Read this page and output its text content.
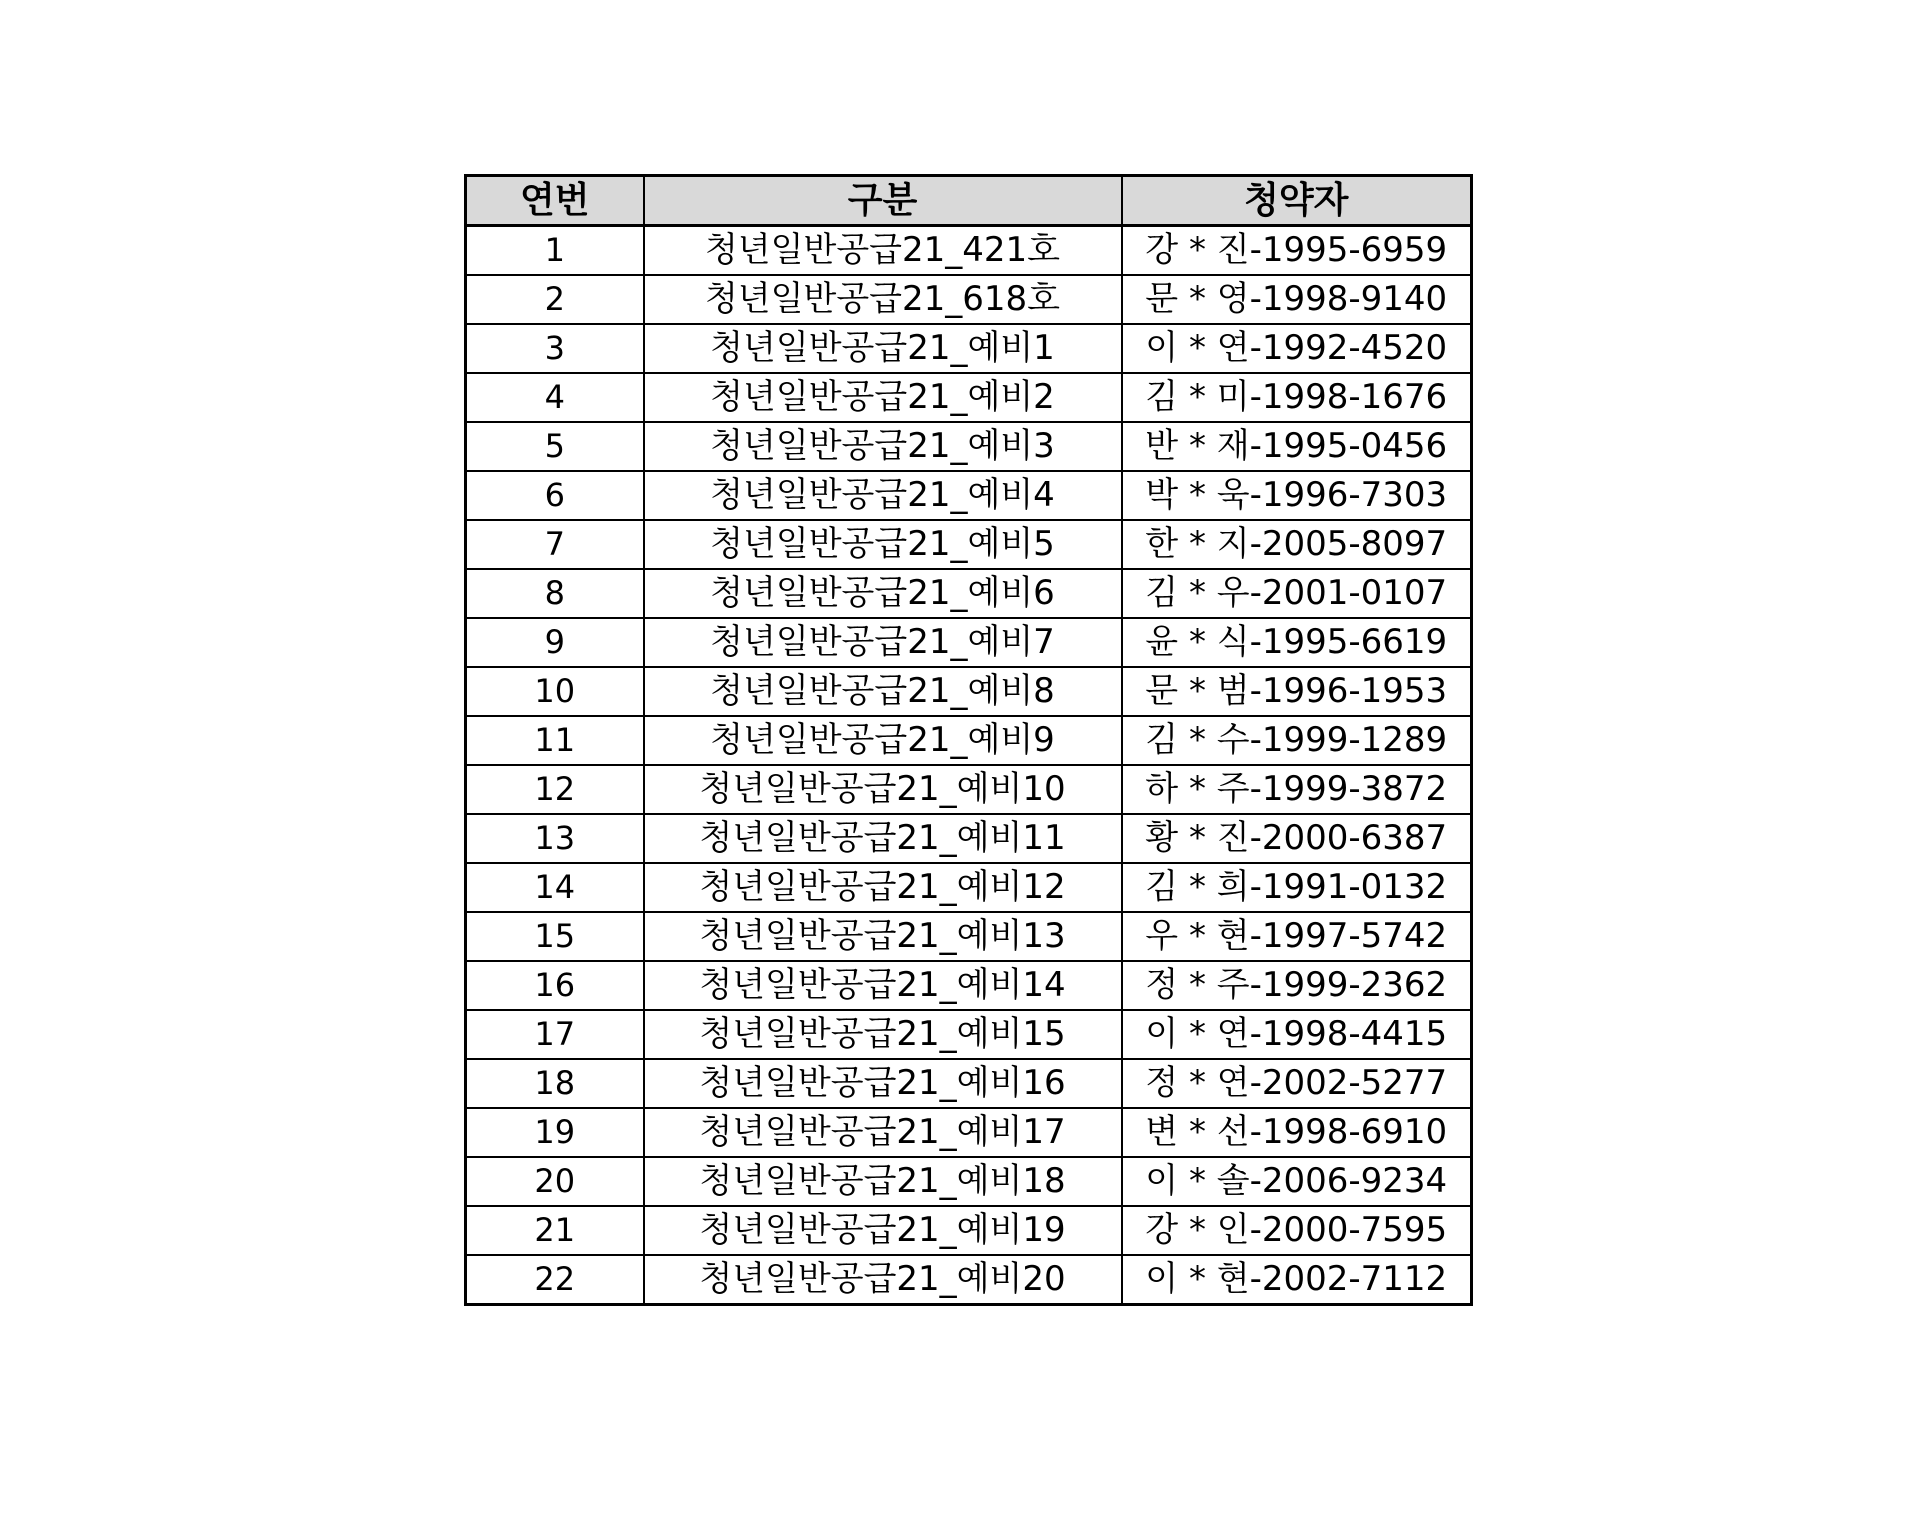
연번	구분	청약자
1	청년일반공급21_421호	강 * 진-1995-6959
2	청년일반공급21_618호	문 * 영-1998-9140
3	청년일반공급21_예비1	이 * 연-1992-4520
4	청년일반공급21_예비2	김 * 미-1998-1676
5	청년일반공급21_예비3	반 * 재-1995-0456
6	청년일반공급21_예비4	박 * 욱-1996-7303
7	청년일반공급21_예비5	한 * 지-2005-8097
8	청년일반공급21_예비6	김 * 우-2001-0107
9	청년일반공급21_예비7	윤 * 식-1995-6619
10	청년일반공급21_예비8	문 * 범-1996-1953
11	청년일반공급21_예비9	김 * 수-1999-1289
12	청년일반공급21_예비10	하 * 주-1999-3872
13	청년일반공급21_예비11	황 * 진-2000-6387
14	청년일반공급21_예비12	김 * 희-1991-0132
15	청년일반공급21_예비13	우 * 현-1997-5742
16	청년일반공급21_예비14	정 * 주-1999-2362
17	청년일반공급21_예비15	이 * 연-1998-4415
18	청년일반공급21_예비16	정 * 연-2002-5277
19	청년일반공급21_예비17	변 * 선-1998-6910
20	청년일반공급21_예비18	이 * 솔-2006-9234
21	청년일반공급21_예비19	강 * 인-2000-7595
22	청년일반공급21_예비20	이 * 현-2002-7112
